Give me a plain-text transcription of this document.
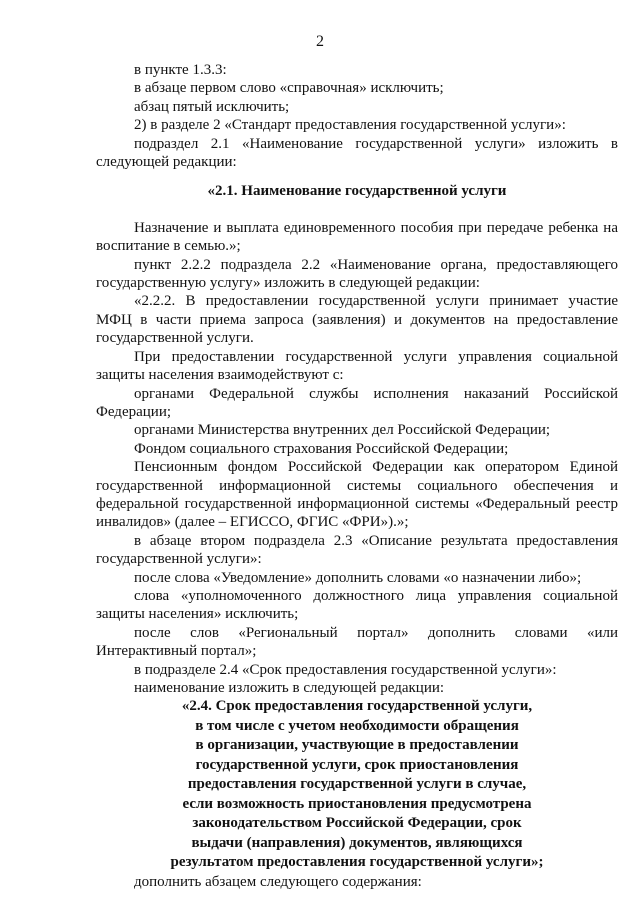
2

в пункте 1.3.3:

в абзаце первом слово «справочная» исключить;

абзац пятый исключить;

2) в разделе 2 «Стандарт предоставления государственной услуги»:

подраздел 2.1 «Наименование государственной услуги» изложить в следующей редакции:

«2.1. Наименование государственной услуги

Назначение и выплата единовременного пособия при передаче ребенка на воспитание в семью.»;

пункт 2.2.2 подраздела 2.2 «Наименование органа, предоставляющего государственную услугу» изложить в следующей редакции:

«2.2.2. В предоставлении государственной услуги принимает участие МФЦ в части приема запроса (заявления) и документов на предоставление государственной услуги.

При предоставлении государственной услуги управления социальной защиты населения взаимодействуют с:

органами Федеральной службы исполнения наказаний Российской Федерации;

органами Министерства внутренних дел Российской Федерации;

Фондом социального страхования Российской Федерации;

Пенсионным фондом Российской Федерации как оператором Единой государственной информационной системы социального обеспечения и федеральной государственной информационной системы «Федеральный реестр инвалидов» (далее – ЕГИССО, ФГИС «ФРИ»).»;

в абзаце втором подраздела 2.3 «Описание результата предоставления государственной услуги»:

после слова «Уведомление» дополнить словами «о назначении либо»;

слова «уполномоченного должностного лица управления социальной защиты населения» исключить;

после слов «Региональный портал» дополнить словами «или Интерактивный портал»;

в подразделе 2.4 «Срок предоставления государственной услуги»:

наименование изложить в следующей редакции:

«2.4. Срок предоставления государственной услуги,

в том числе с учетом необходимости обращения

в организации, участвующие в предоставлении

государственной услуги, срок приостановления

предоставления государственной услуги в случае,

если возможность приостановления предусмотрена

законодательством Российской Федерации, срок

выдачи (направления) документов, являющихся

результатом предоставления государственной услуги»;

дополнить абзацем следующего содержания:
